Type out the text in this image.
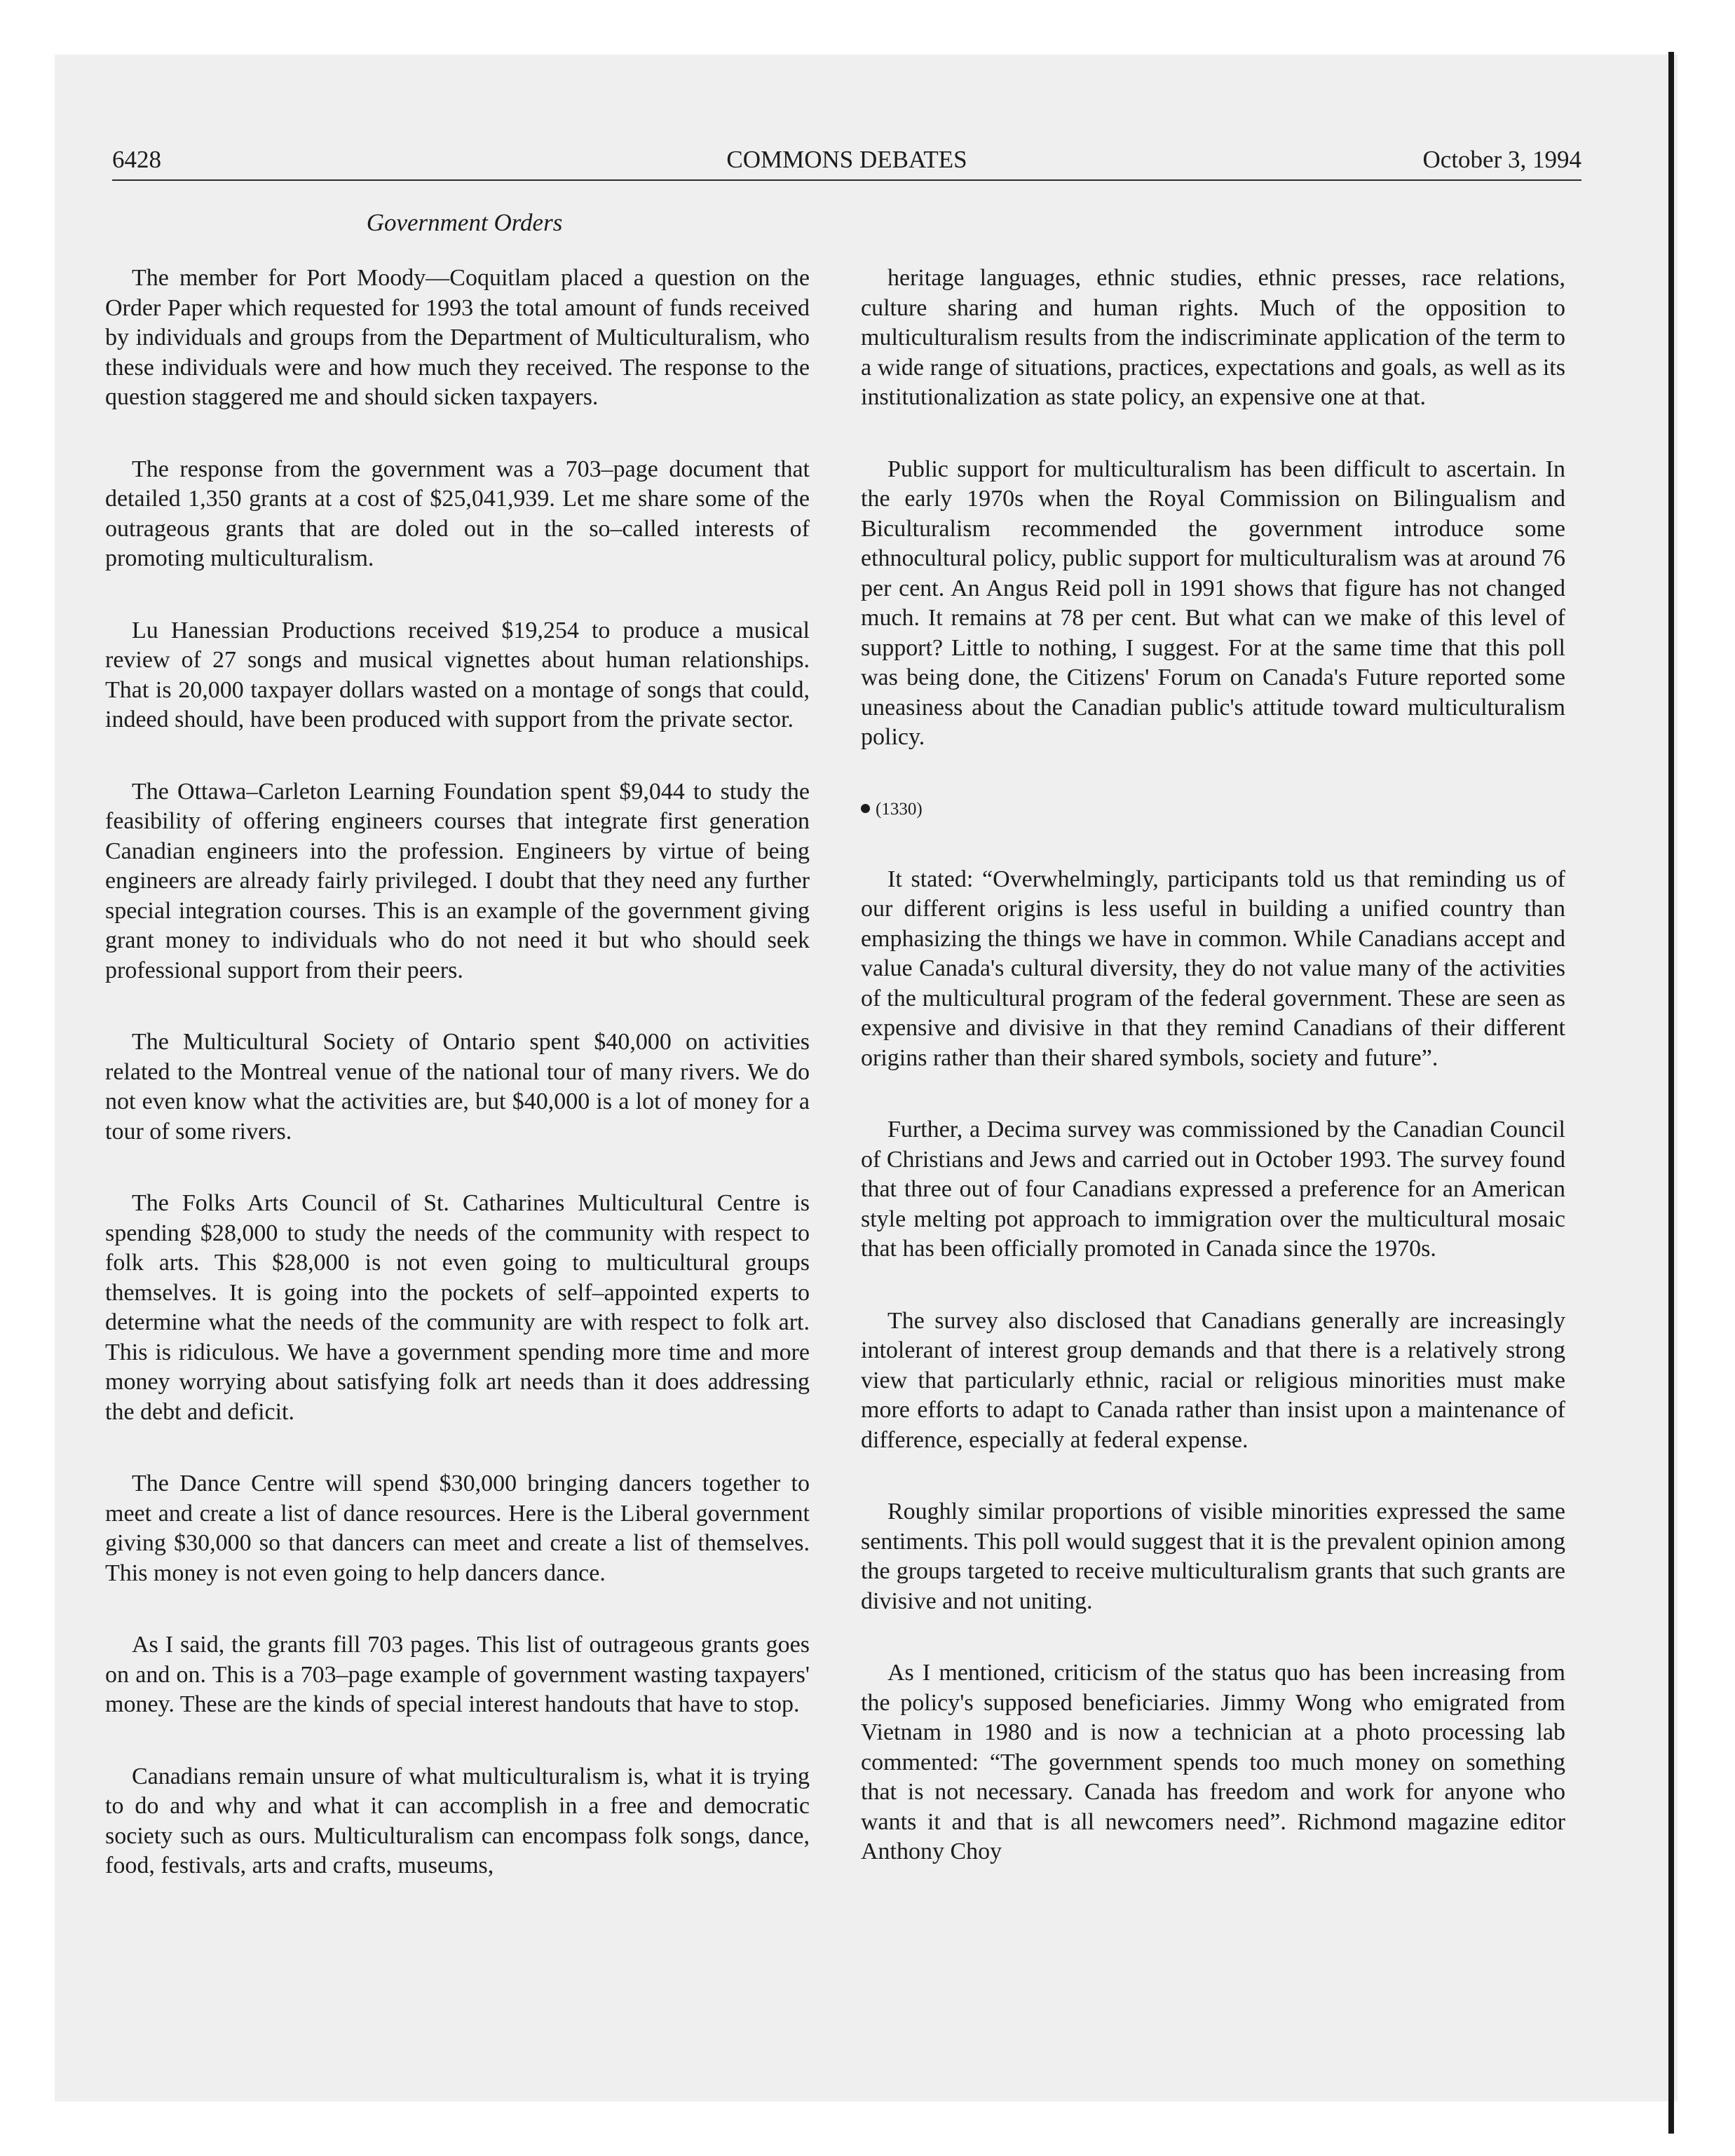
6428	COMMONS DEBATES	October 3, 1994
Government Orders

The member for Port Moody—Coquitlam placed a question on the Order Paper which requested for 1993 the total amount of funds received by individuals and groups from the Department of Multiculturalism, who these individuals were and how much they received. The response to the question staggered me and should sicken taxpayers.

The response from the government was a 703–page document that detailed 1,350 grants at a cost of $25,041,939. Let me share some of the outrageous grants that are doled out in the so–called interests of promoting multiculturalism.

Lu Hanessian Productions received $19,254 to produce a musical review of 27 songs and musical vignettes about human relationships. That is 20,000 taxpayer dollars wasted on a montage of songs that could, indeed should, have been produced with support from the private sector.

The Ottawa–Carleton Learning Foundation spent $9,044 to study the feasibility of offering engineers courses that integrate first generation Canadian engineers into the profession. Engineers by virtue of being engineers are already fairly privileged. I doubt that they need any further special integration courses. This is an example of the government giving grant money to individuals who do not need it but who should seek professional support from their peers.

The Multicultural Society of Ontario spent $40,000 on activities related to the Montreal venue of the national tour of many rivers. We do not even know what the activities are, but $40,000 is a lot of money for a tour of some rivers.

The Folks Arts Council of St. Catharines Multicultural Centre is spending $28,000 to study the needs of the community with respect to folk arts. This $28,000 is not even going to multicultural groups themselves. It is going into the pockets of self–appointed experts to determine what the needs of the community are with respect to folk art. This is ridiculous. We have a government spending more time and more money worrying about satisfying folk art needs than it does addressing the debt and deficit.

The Dance Centre will spend $30,000 bringing dancers together to meet and create a list of dance resources. Here is the Liberal government giving $30,000 so that dancers can meet and create a list of themselves. This money is not even going to help dancers dance.

As I said, the grants fill 703 pages. This list of outrageous grants goes on and on. This is a 703–page example of government wasting taxpayers' money. These are the kinds of special interest handouts that have to stop.

Canadians remain unsure of what multiculturalism is, what it is trying to do and why and what it can accomplish in a free and democratic society such as ours. Multiculturalism can encompass folk songs, dance, food, festivals, arts and crafts, museums,

heritage languages, ethnic studies, ethnic presses, race relations, culture sharing and human rights. Much of the opposition to multiculturalism results from the indiscriminate application of the term to a wide range of situations, practices, expectations and goals, as well as its institutionalization as state policy, an expensive one at that.

Public support for multiculturalism has been difficult to ascertain. In the early 1970s when the Royal Commission on Bilingualism and Biculturalism recommended the government introduce some ethnocultural policy, public support for multiculturalism was at around 76 per cent. An Angus Reid poll in 1991 shows that figure has not changed much. It remains at 78 per cent. But what can we make of this level of support? Little to nothing, I suggest. For at the same time that this poll was being done, the Citizens' Forum on Canada's Future reported some uneasiness about the Canadian public's attitude toward multiculturalism policy.

(1330)

It stated: “Overwhelmingly, participants told us that reminding us of our different origins is less useful in building a unified country than emphasizing the things we have in common. While Canadians accept and value Canada's cultural diversity, they do not value many of the activities of the multicultural program of the federal government. These are seen as expensive and divisive in that they remind Canadians of their different origins rather than their shared symbols, society and future”.

Further, a Decima survey was commissioned by the Canadian Council of Christians and Jews and carried out in October 1993. The survey found that three out of four Canadians expressed a preference for an American style melting pot approach to immigration over the multicultural mosaic that has been officially promoted in Canada since the 1970s.

The survey also disclosed that Canadians generally are increasingly intolerant of interest group demands and that there is a relatively strong view that particularly ethnic, racial or religious minorities must make more efforts to adapt to Canada rather than insist upon a maintenance of difference, especially at federal expense.

Roughly similar proportions of visible minorities expressed the same sentiments. This poll would suggest that it is the prevalent opinion among the groups targeted to receive multiculturalism grants that such grants are divisive and not uniting.

As I mentioned, criticism of the status quo has been increasing from the policy's supposed beneficiaries. Jimmy Wong who emigrated from Vietnam in 1980 and is now a technician at a photo processing lab commented: “The government spends too much money on something that is not necessary. Canada has freedom and work for anyone who wants it and that is all newcomers need”. Richmond magazine editor Anthony Choy
